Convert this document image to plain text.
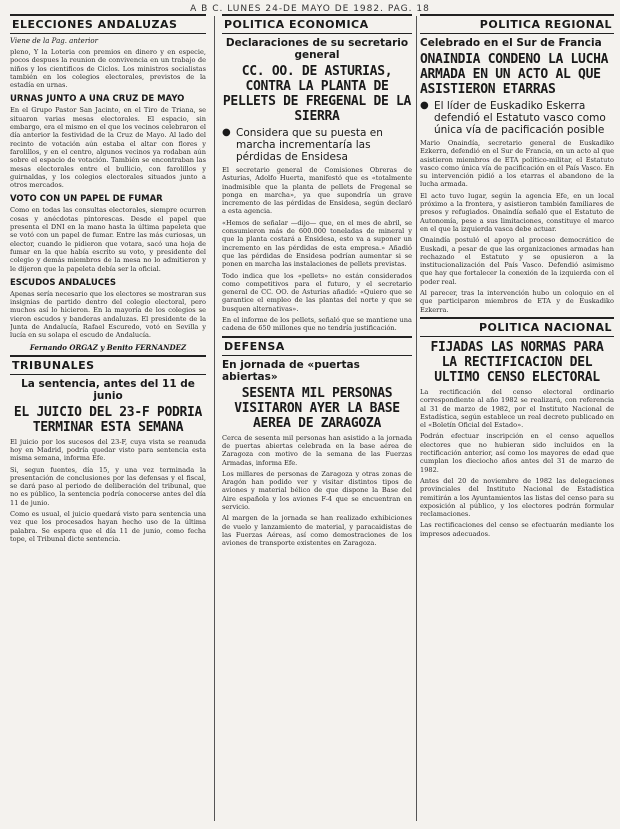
A B C. LUNES 24-DE MAYO DE 1982. PAG. 18
ELECCIONES ANDALUZAS
Viene de la Pag. anterior

pleno, Y la Loteria con premios en dinero y en especie, pocos despues la reunion de convivencia en un trabajo de niños y los cientificos de Ciclos. Los ministros socialistas también en los colegios electorales, previstos de la estadía en urnas.

URNAS JUNTO A UNA CRUZ DE MAYO

En el Grupo Pastor San Jacinto, en el Tiro de Triana, se situaron varias mesas electorales. El espacio, sin embargo, era el mismo en el que los vecinos celebraron el día anterior la festividad de la Cruz de Mayo. Al lado del recinto de votación aún estaba el altar con flores y farolillos, y en el centro, algunos vecinos ya rodaban aún sobre el espacio de votación. También se encontraban las mesas electorales entre el bullicio, con farolillos y guirnaldas, y los colegios electorales situados junto a otros mercados.

VOTO CON UN PAPEL DE FUMAR

Como en todas las consultas electorales, siempre ocurren cosas y anécdotas pintorescas. Desde el papel que presenta el DNI en la mano hasta la última papeleta que se votó con un papel de fumar. Entre las más curiosas, un elector, cuando le pidieron que votara, sacó una hoja de fumar en la que había escrito su voto, y presidente del colegio y demás miembros de la mesa no lo admitieron y le dijeron que la papeleta debía ser la oficial.

ESCUDOS ANDALUCES

Apenas sería necesario que los electores se mostraran sus insignias de partido dentro del colegio electoral, pero muchos así lo hicieron. En la mayoría de los colegios se vieron escudos y banderas andaluzas. El presidente de la Junta de Andalucía, Rafael Escuredo, votó en Sevilla y lucía en su solapa el escudo de Andalucía.

Fernando ORGAZ y Benito FERNANDEZ
TRIBUNALES
La sentencia, antes del 11 de junio
EL JUICIO DEL 23-F PODRIA TERMINAR ESTA SEMANA

El juicio por los sucesos del 23-F, cuya vista se reanuda hoy en Madrid, podría quedar visto para sentencia esta misma semana, informa Efe.

Si, segun fuentes, día 15, y una vez terminada la presentación de conclusiones por las defensas y el fiscal, se dará paso al periodo de deliberación del tribunal, que no es público, la sentencia podría conocerse antes del día 11 de junio.

Como es usual, el juicio quedará visto para sentencia una vez que los procesados hayan hecho uso de la última palabra. Se espera que el día 11 de junio, como fecha tope, el Tribunal dicte sentencia.

POLITICA ECONOMICA
Declaraciones de su secretario general
CC. OO. DE ASTURIAS, CONTRA LA PLANTA DE PELLETS DE FREGENAL DE LA SIERRA
● Considera que su puesta en marcha incrementaría las pérdidas de Ensidesa

El secretario general de Comisiones Obreras de Asturias, Adolfo Huerta, manifestó que es «totalmente inadmisible que la planta de pellets de Fregenal se ponga en marcha», ya que supondría un grave incremento de las pérdidas de Ensidesa, según declaró a esta agencia.

«Hemos de señalar —dijo— que, en el mes de abril, se consumieron más de 600.000 toneladas de mineral y que la planta costará a Ensidesa, esto va a suponer un incremento en las pérdidas de esta empresa.» Añadió que las pérdidas de Ensidesa podrían aumentar si se ponen en marcha las instalaciones de pellets previstas.

Todo indica que los «pellets» no están considerados como competitivos para el futuro, y el secretario general de CC. OO. de Asturias añadió: «Quiero que se garantice el empleo de las plantas del norte y que se busquen alternativas».

En el informe de los pellets, señaló que se mantiene una cadena de 650 millones que no tendría justificación.

DEFENSA
En jornada de «puertas abiertas»
SESENTA MIL PERSONAS VISITARON AYER LA BASE AEREA DE ZARAGOZA

Cerca de sesenta mil personas han asistido a la jornada de puertas abiertas celebrada en la base aérea de Zaragoza con motivo de la semana de las Fuerzas Armadas, informa Efe.

Los millares de personas de Zaragoza y otras zonas de Aragón han podido ver y visitar distintos tipos de aviones y material bélico de que dispone la Base del Aire española y los aviones F-4 que se encuentran en servicio.

Al margen de la jornada se han realizado exhibiciones de vuelo y lanzamiento de material, y paracaidistas de las Fuerzas Aéreas, así como demostraciones de los aviones de transporte existentes en Zaragoza.

POLITICA REGIONAL
Celebrado en el Sur de Francia
ONAINDIA CONDENO LA LUCHA ARMADA EN UN ACTO AL QUE ASISTIERON ETARRAS
● El líder de Euskadiko Eskerra defendió el Estatuto vasco como única vía de pacificación posible

Mario Onaindía, secretario general de Euskadiko Ezkerra, defendió en el Sur de Francia, en un acto al que asistieron miembros de ETA político-militar, el Estatuto vasco como única vía de pacificación en el País Vasco. En su intervención pidió a los etarras el abandono de la lucha armada.

El acto tuvo lugar, según la agencia Efe, en un local próximo a la frontera, y asistieron también familiares de presos y refugiados. Onaindía señaló que el Estatuto de Autonomía, pese a sus limitaciones, constituye el marco en el que la izquierda vasca debe actuar.

Onaindía postuló el apoyo al proceso democrático de Euskadi, a pesar de que las organizaciones armadas han rechazado el Estatuto y se opusieron a la institucionalización del País Vasco. Defendió asimismo que hay que fortalecer la conexión de la izquierda con el poder real.

Al parecer, tras la intervención hubo un coloquio en el que participaron miembros de ETA y de Euskadiko Ezkerra.

POLITICA NACIONAL
FIJADAS LAS NORMAS PARA LA RECTIFICACION DEL ULTIMO CENSO ELECTORAL

La rectificación del censo electoral ordinario correspondiente al año 1982 se realizará, con referencia al 31 de marzo de 1982, por el Instituto Nacional de Estadística, según establece un real decreto publicado en el «Boletín Oficial del Estado».

Podrán efectuar inscripción en el censo aquellos electores que no hubieran sido incluidos en la rectificación anterior, así como los mayores de edad que cumplan los dieciocho años antes del 31 de marzo de 1982.

Antes del 20 de noviembre de 1982 las delegaciones provinciales del Instituto Nacional de Estadística remitirán a los Ayuntamientos las listas del censo para su exposición al público, y los electores podrán formular reclamaciones.

Las rectificaciones del censo se efectuarán mediante los impresos adecuados.
